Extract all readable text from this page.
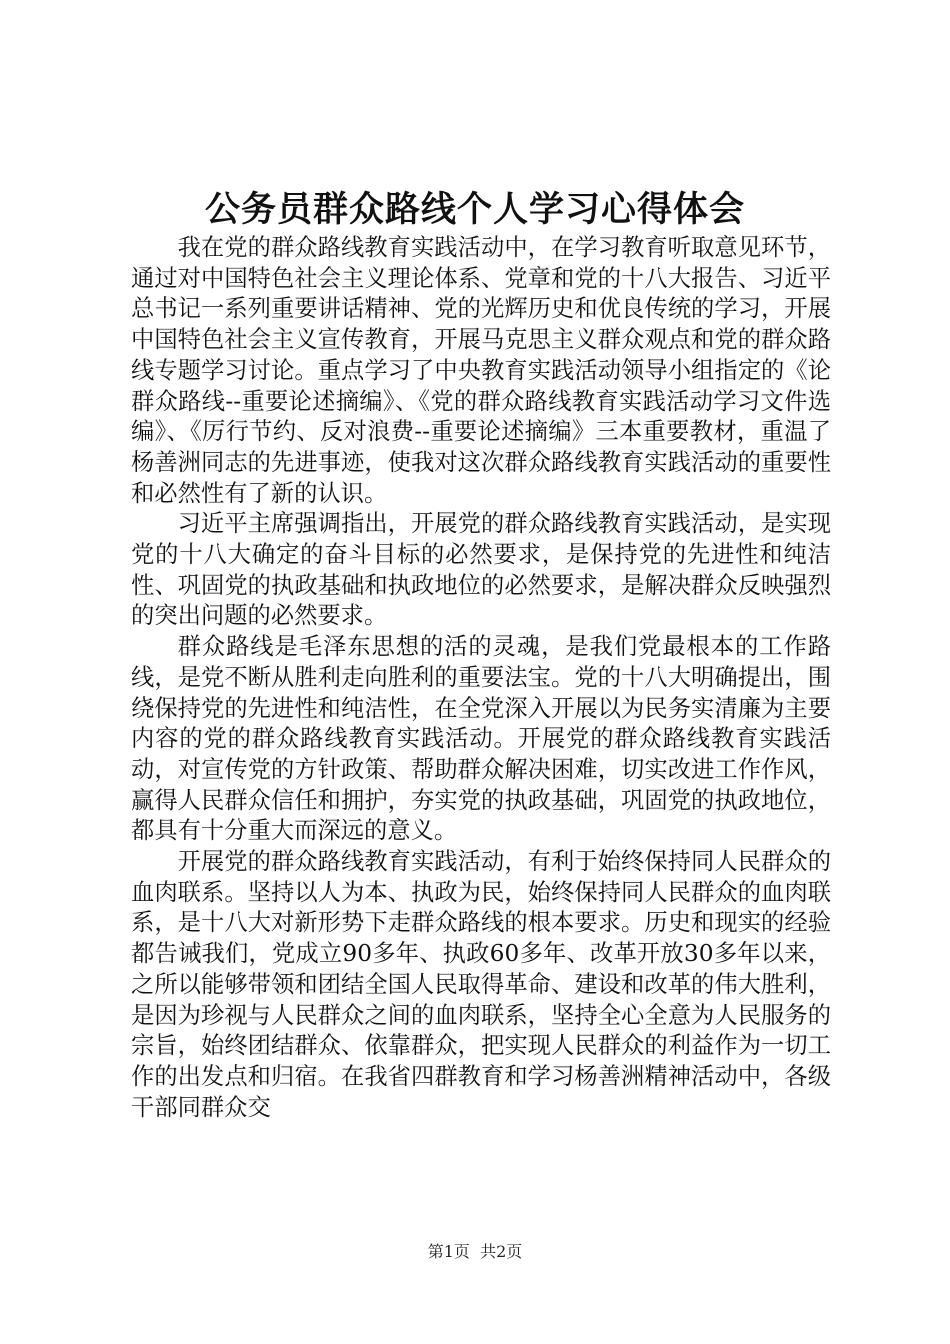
公务员群众路线个人学习心得体会

我在党的群众路线教育实践活动中，在学习教育听取意见环节，通过对中国特色社会主义理论体系、党章和党的十八大报告、习近平总书记一系列重要讲话精神、党的光辉历史和优良传统的学习，开展中国特色社会主义宣传教育，开展马克思主义群众观点和党的群众路线专题学习讨论。重点学习了中央教育实践活动领导小组指定的《论群众路线--重要论述摘编》、《党的群众路线教育实践活动学习文件选编》、《厉行节约、反对浪费--重要论述摘编》三本重要教材，重温了杨善洲同志的先进事迹，使我对这次群众路线教育实践活动的重要性和必然性有了新的认识。

习近平主席强调指出，开展党的群众路线教育实践活动，是实现党的十八大确定的奋斗目标的必然要求，是保持党的先进性和纯洁性、巩固党的执政基础和执政地位的必然要求，是解决群众反映强烈的突出问题的必然要求。

群众路线是毛泽东思想的活的灵魂，是我们党最根本的工作路线，是党不断从胜利走向胜利的重要法宝。党的十八大明确提出，围绕保持党的先进性和纯洁性，在全党深入开展以为民务实清廉为主要内容的党的群众路线教育实践活动。开展党的群众路线教育实践活动，对宣传党的方针政策、帮助群众解决困难，切实改进工作作风，赢得人民群众信任和拥护，夯实党的执政基础，巩固党的执政地位，都具有十分重大而深远的意义。

开展党的群众路线教育实践活动，有利于始终保持同人民群众的血肉联系。坚持以人为本、执政为民，始终保持同人民群众的血肉联系，是十八大对新形势下走群众路线的根本要求。历史和现实的经验都告诫我们，党成立90多年、执政60多年、改革开放30多年以来，之所以能够带领和团结全国人民取得革命、建设和改革的伟大胜利，是因为珍视与人民群众之间的血肉联系，坚持全心全意为人民服务的宗旨，始终团结群众、依靠群众，把实现人民群众的利益作为一切工作的出发点和归宿。在我省四群教育和学习杨善洲精神活动中，各级干部同群众交

第1页 共2页
